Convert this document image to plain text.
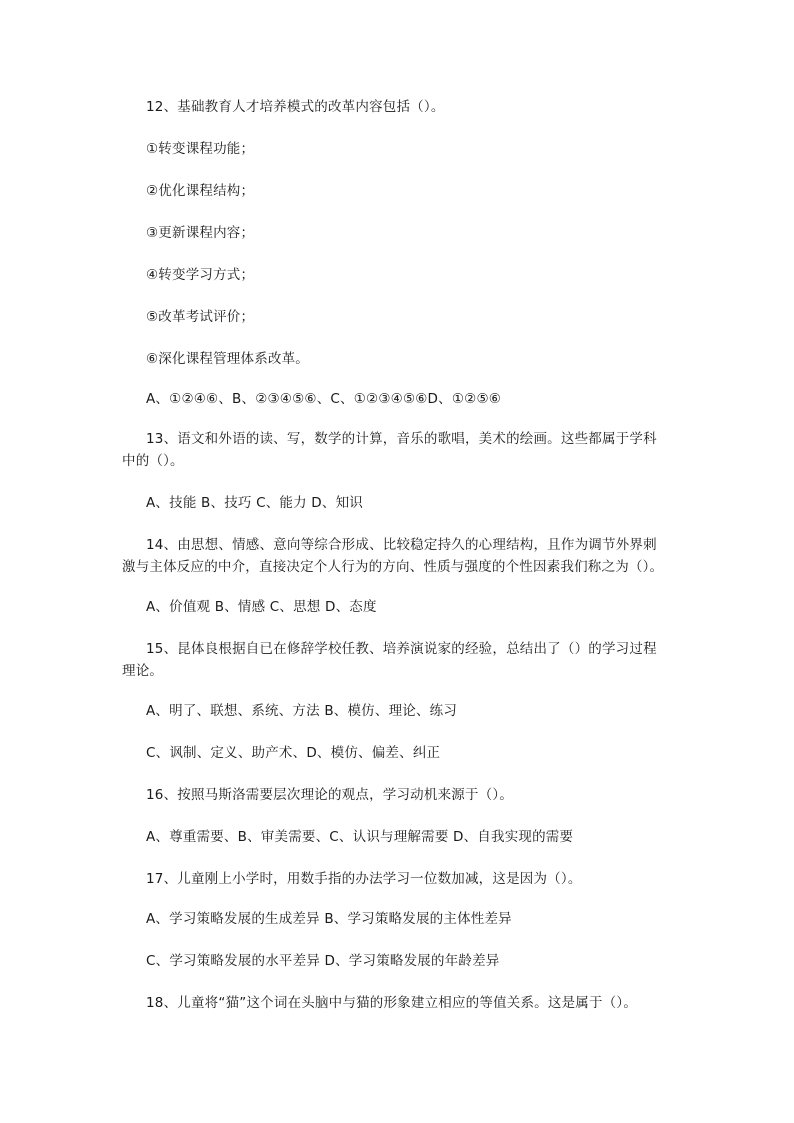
12、基础教育人才培养模式的改革内容包括（）。
①转变课程功能；
②优化课程结构；
③更新课程内容；
④转变学习方式；
⑤改革考试评价；
⑥深化课程管理体系改革。
A、①②④⑥、B、②③④⑤⑥、C、①②③④⑤⑥D、①②⑤⑥
13、语文和外语的读、写，数学的计算，音乐的歌唱，美术的绘画。这些都属于学科中的（）。
A、技能 B、技巧 C、能力 D、知识
14、由思想、情感、意向等综合形成、比较稳定持久的心理结构，且作为调节外界刺激与主体反应的中介，直接决定个人行为的方向、性质与强度的个性因素我们称之为（）。
A、价值观 B、情感 C、思想 D、态度
15、昆体良根据自已在修辞学校任教、培养演说家的经验，总结出了（）的学习过程理论。
A、明了、联想、系统、方法 B、模仿、理论、练习
C、讽制、定义、助产术、D、模仿、偏差、纠正
16、按照马斯洛需要层次理论的观点，学习动机来源于（）。
A、尊重需要、B、审美需要、C、认识与理解需要 D、自我实现的需要
17、儿童刚上小学时，用数手指的办法学习一位数加减，这是因为（）。
A、学习策略发展的生成差异 B、学习策略发展的主体性差异
C、学习策略发展的水平差异 D、学习策略发展的年龄差异
18、儿童将“猫”这个词在头脑中与猫的形象建立相应的等值关系。这是属于（）。
